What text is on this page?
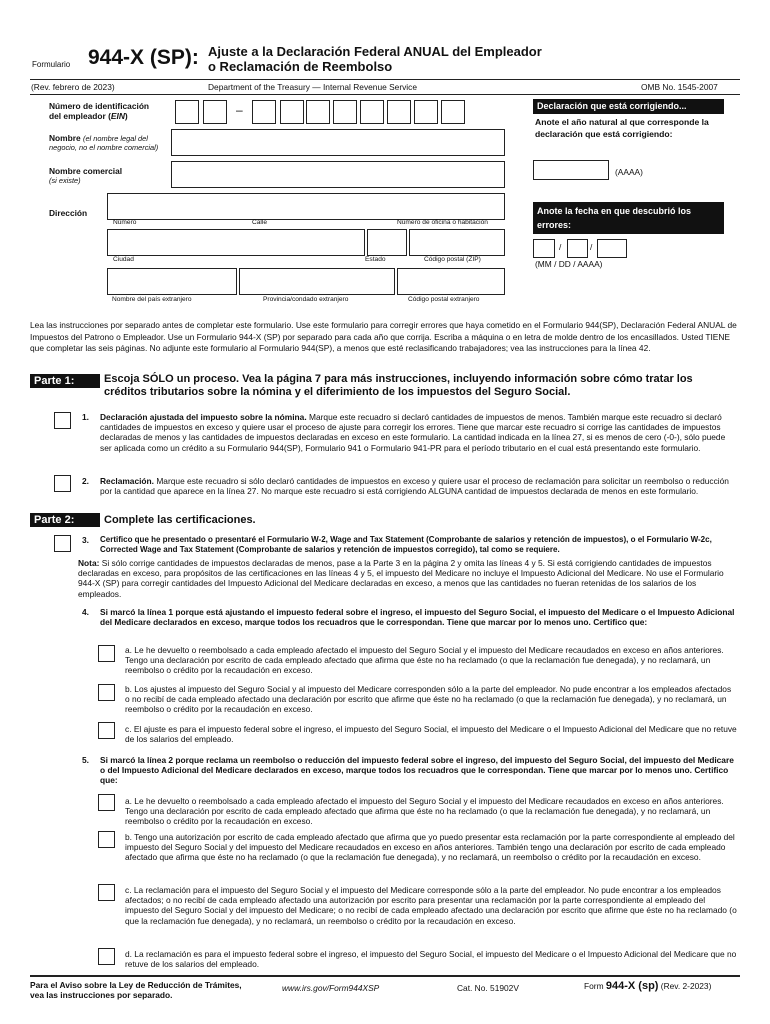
Formulario 944-X (SP): Ajuste a la Declaración Federal ANUAL del Empleador
o Reclamación de Reembolso
(Rev. febrero de 2023)	Department of the Treasury — Internal Revenue Service	OMB No. 1545-2007
Número de identificación
del empleador (EIN)	–
Nombre (el nombre legal del
negocio, no el nombre comercial)
Nombre comercial
(si existe)
Dirección
Número	Calle	Número de oficina o habitación
Ciudad	Estado	Código postal (ZIP)
Nombre del país extranjero	Provincia/condado extranjero	Código postal extranjero
Declaración que está corrigiendo...
Anote el año natural al que corresponde la declaración que está corrigiendo:
(AAAA)
Anote la fecha en que descubrió los errores:
/	/
(MM / DD / AAAA)
Lea las instrucciones por separado antes de completar este formulario. Use este formulario para corregir errores que haya cometido en el Formulario 944(SP), Declaración Federal ANUAL de Impuestos del Patrono o Empleador. Use un Formulario 944-X (SP) por separado para cada año que corrija. Escriba a máquina o en letra de molde dentro de los encasillados. Usted TIENE que completar las seis páginas. No adjunte este formulario al Formulario 944(SP), a menos que esté reclasificando trabajadores; vea las instrucciones para la línea 42.
Parte 1:	Escoja SÓLO un proceso. Vea la página 7 para más instrucciones, incluyendo información sobre cómo tratar los créditos tributarios sobre la nómina y el diferimiento de los impuestos del Seguro Social.
1. Declaración ajustada del impuesto sobre la nómina. Marque este recuadro si declaró cantidades de impuestos de menos. También marque este recuadro si declaró cantidades de impuestos en exceso y quiere usar el proceso de ajuste para corregir los errores. Tiene que marcar este recuadro si corrige las cantidades de impuestos declaradas de menos y las cantidades de impuestos declaradas en exceso en este formulario. La cantidad indicada en la línea 27, si es menos de cero (-0-), sólo puede ser aplicada como un crédito a su Formulario 944(SP), Formulario 941 o Formulario 941-PR para el período tributario en el cual está presentando este formulario.
2. Reclamación. Marque este recuadro si sólo declaró cantidades de impuestos en exceso y quiere usar el proceso de reclamación para solicitar un reembolso o reducción por la cantidad que aparece en la línea 27. No marque este recuadro si está corrigiendo ALGUNA cantidad de impuestos declarada de menos en este formulario.
Parte 2:	Complete las certificaciones.
3. Certifico que he presentado o presentaré el Formulario W-2, Wage and Tax Statement (Comprobante de salarios y retención de impuestos), o el Formulario W-2c, Corrected Wage and Tax Statement (Comprobante de salarios y retención de impuestos corregido), tal como se requiere.
Nota: Si sólo corrige cantidades de impuestos declaradas de menos, pase a la Parte 3 en la página 2 y omita las líneas 4 y 5. Si está corrigiendo cantidades de impuestos declaradas en exceso, para propósitos de las certificaciones en las líneas 4 y 5, el impuesto del Medicare no incluye el Impuesto Adicional del Medicare. No use el Formulario 944-X (SP) para corregir cantidades del Impuesto Adicional del Medicare declaradas en exceso, a menos que las cantidades no fueran retenidas de los salarios de los empleados.
4. Si marcó la línea 1 porque está ajustando el impuesto federal sobre el ingreso, el impuesto del Seguro Social, el impuesto del Medicare o el Impuesto Adicional del Medicare declarados en exceso, marque todos los recuadros que le correspondan. Tiene que marcar por lo menos uno. Certifico que:
a. Le he devuelto o reembolsado a cada empleado afectado el impuesto del Seguro Social y el impuesto del Medicare recaudados en exceso en años anteriores. Tengo una declaración por escrito de cada empleado afectado que afirma que éste no ha reclamado (o que la reclamación fue denegada), y no reclamará, un reembolso o crédito por la recaudación en exceso.
b. Los ajustes al impuesto del Seguro Social y al impuesto del Medicare corresponden sólo a la parte del empleador. No pude encontrar a los empleados afectados o no recibí de cada empleado afectado una declaración por escrito que afirme que éste no ha reclamado (o que la reclamación fue denegada), y no reclamará, un reembolso o crédito por la recaudación en exceso.
c. El ajuste es para el impuesto federal sobre el ingreso, el impuesto del Seguro Social, el impuesto del Medicare o el Impuesto Adicional del Medicare que no retuve de los salarios del empleado.
5. Si marcó la línea 2 porque reclama un reembolso o reducción del impuesto federal sobre el ingreso, del impuesto del Seguro Social, del impuesto del Medicare o del Impuesto Adicional del Medicare declarados en exceso, marque todos los recuadros que le correspondan. Tiene que marcar por lo menos uno. Certifico que:
a. Le he devuelto o reembolsado a cada empleado afectado el impuesto del Seguro Social y el impuesto del Medicare recaudados en exceso en años anteriores. Tengo una declaración por escrito de cada empleado afectado que afirma que éste no ha reclamado (o que la reclamación fue denegada), y no reclamará, un reembolso o crédito por la recaudación en exceso.
b. Tengo una autorización por escrito de cada empleado afectado que afirma que yo puedo presentar esta reclamación por la parte correspondiente al empleado del impuesto del Seguro Social y del impuesto del Medicare recaudados en exceso en años anteriores. También tengo una declaración por escrito de cada empleado afectado que afirma que éste no ha reclamado (o que la reclamación fue denegada), y no reclamará, un reembolso o crédito por la recaudación en exceso.
c. La reclamación para el impuesto del Seguro Social y el impuesto del Medicare corresponde sólo a la parte del empleador. No pude encontrar a los empleados afectados; o no recibí de cada empleado afectado una autorización por escrito para presentar una reclamación por la parte correspondiente al empleado del impuesto del Seguro Social y del impuesto del Medicare; o no recibí de cada empleado afectado una declaración por escrito que afirme que éste no ha reclamado (o que la reclamación fue denegada), y no reclamará, un reembolso o crédito por la recaudación en exceso.
d. La reclamación es para el impuesto federal sobre el ingreso, el impuesto del Seguro Social, el impuesto del Medicare o el Impuesto Adicional del Medicare que no retuve de los salarios del empleado.
Para el Aviso sobre la Ley de Reducción de Trámites, vea las instrucciones por separado.
www.irs.gov/Form944XSP	Cat. No. 51902V	Form 944-X (sp) (Rev. 2-2023)
